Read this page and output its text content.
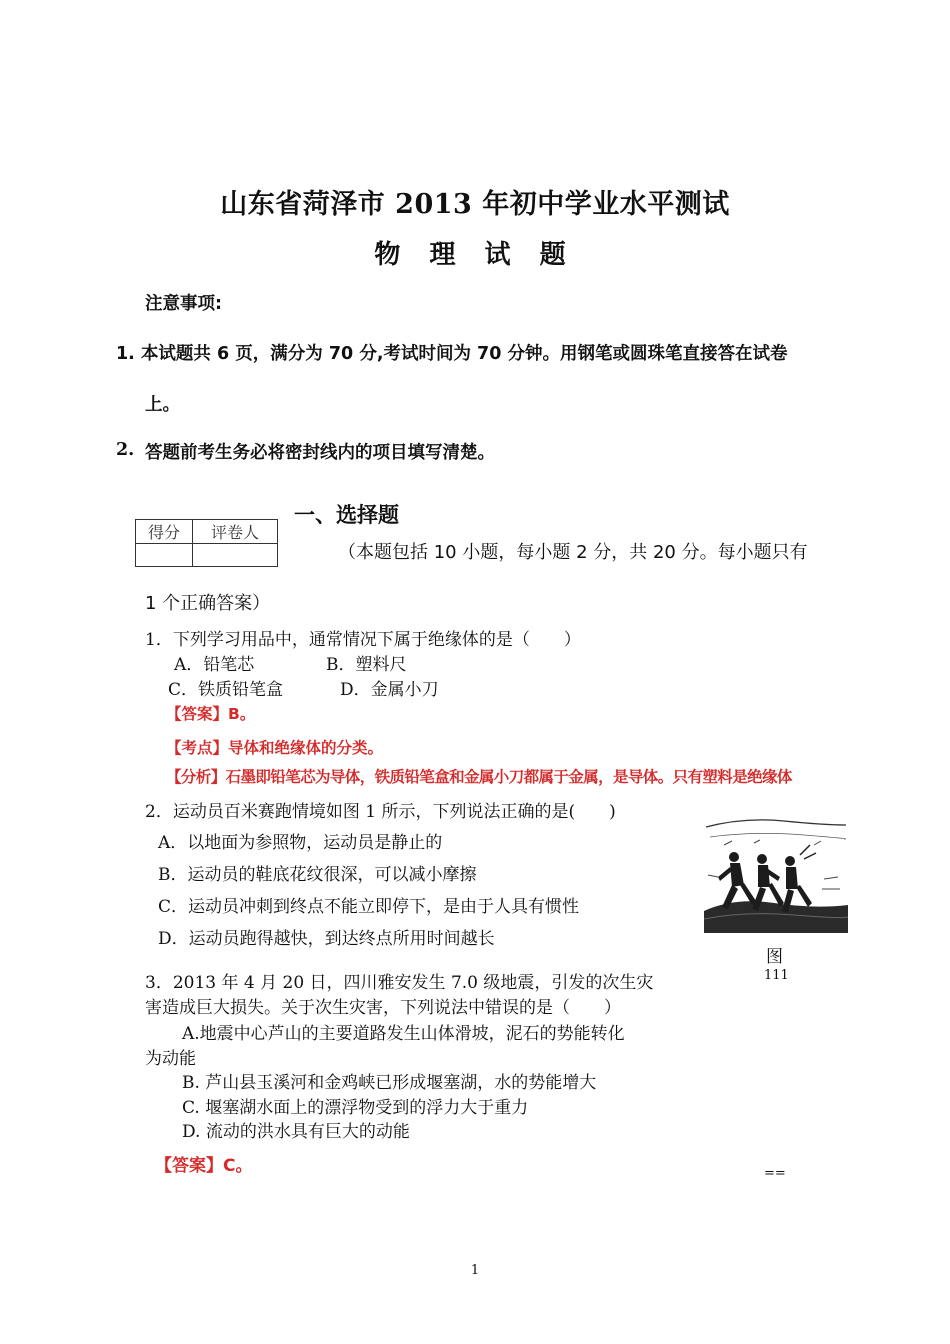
山东省菏泽市 2013 年初中学业水平测试
物 理 试 题
注意事项:
1. 本试题共 6 页，满分为 70 分,考试时间为 70 分钟。用钢笔或圆珠笔直接答在试卷
上。
2. 答题前考生务必将密封线内的项目填写清楚。
得分	评卷人

一、选择题
（本题包括 10 小题，每小题 2 分，共 20 分。每小题只有
1 个正确答案）
1．下列学习用品中，通常情况下属于绝缘体的是（　　）
A．铅笔芯	B．塑料尺
C．铁质铅笔盒	D．金属小刀
【答案】B。
【考点】导体和绝缘体的分类。
【分析】石墨即铅笔芯为导体，铁质铅笔盒和金属小刀都属于金属，是导体。只有塑料是绝缘体
2．运动员百米赛跑情境如图 1 所示，下列说法正确的是(　　)
A．以地面为参照物，运动员是静止的
B．运动员的鞋底花纹很深，可以减小摩擦
C．运动员冲刺到终点不能立即停下，是由于人具有惯性
D．运动员跑得越快，到达终点所用时间越长
图
111
3．2013 年 4 月 20 日，四川雅安发生 7.0 级地震，引发的次生灾
害造成巨大损失。关于次生灾害，下列说法中错误的是（　　）
A.地震中心芦山的主要道路发生山体滑坡，泥石的势能转化
为动能
B. 芦山县玉溪河和金鸡峡已形成堰塞湖，水的势能增大
C. 堰塞湖水面上的漂浮物受到的浮力大于重力
D. 流动的洪水具有巨大的动能
【答案】C。	==
1
